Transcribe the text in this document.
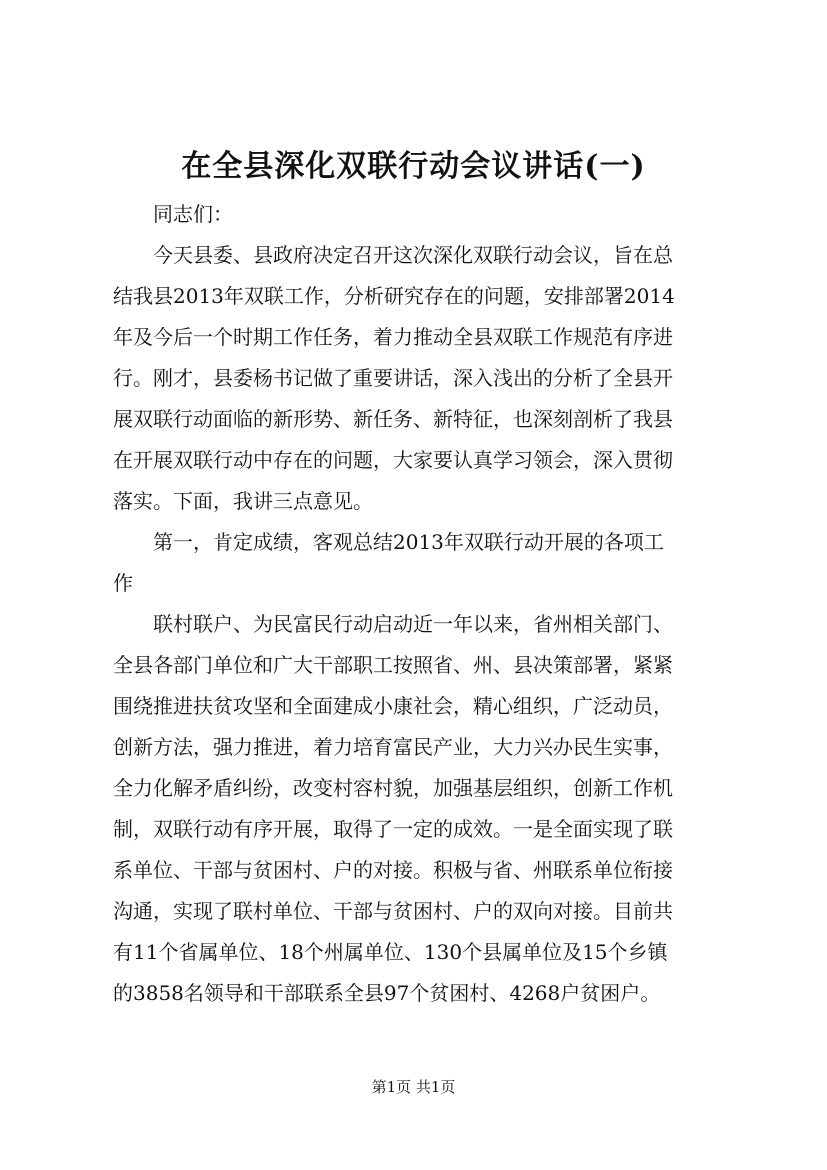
在全县深化双联行动会议讲话(一)
　　同志们：
　　今天县委、县政府决定召开这次深化双联行动会议，旨在总
结我县2013年双联工作，分析研究存在的问题，安排部署2014
年及今后一个时期工作任务，着力推动全县双联工作规范有序进
行。刚才，县委杨书记做了重要讲话，深入浅出的分析了全县开
展双联行动面临的新形势、新任务、新特征，也深刻剖析了我县
在开展双联行动中存在的问题，大家要认真学习领会，深入贯彻
落实。下面，我讲三点意见。
　　第一，肯定成绩，客观总结2013年双联行动开展的各项工
作
　　联村联户、为民富民行动启动近一年以来，省州相关部门、
全县各部门单位和广大干部职工按照省、州、县决策部署，紧紧
围绕推进扶贫攻坚和全面建成小康社会，精心组织，广泛动员，
创新方法，强力推进，着力培育富民产业，大力兴办民生实事，
全力化解矛盾纠纷，改变村容村貌，加强基层组织，创新工作机
制，双联行动有序开展，取得了一定的成效。一是全面实现了联
系单位、干部与贫困村、户的对接。积极与省、州联系单位衔接
沟通，实现了联村单位、干部与贫困村、户的双向对接。目前共
有11个省属单位、18个州属单位、130个县属单位及15个乡镇
的3858名领导和干部联系全县97个贫困村、4268户贫困户。
第1页 共1页
